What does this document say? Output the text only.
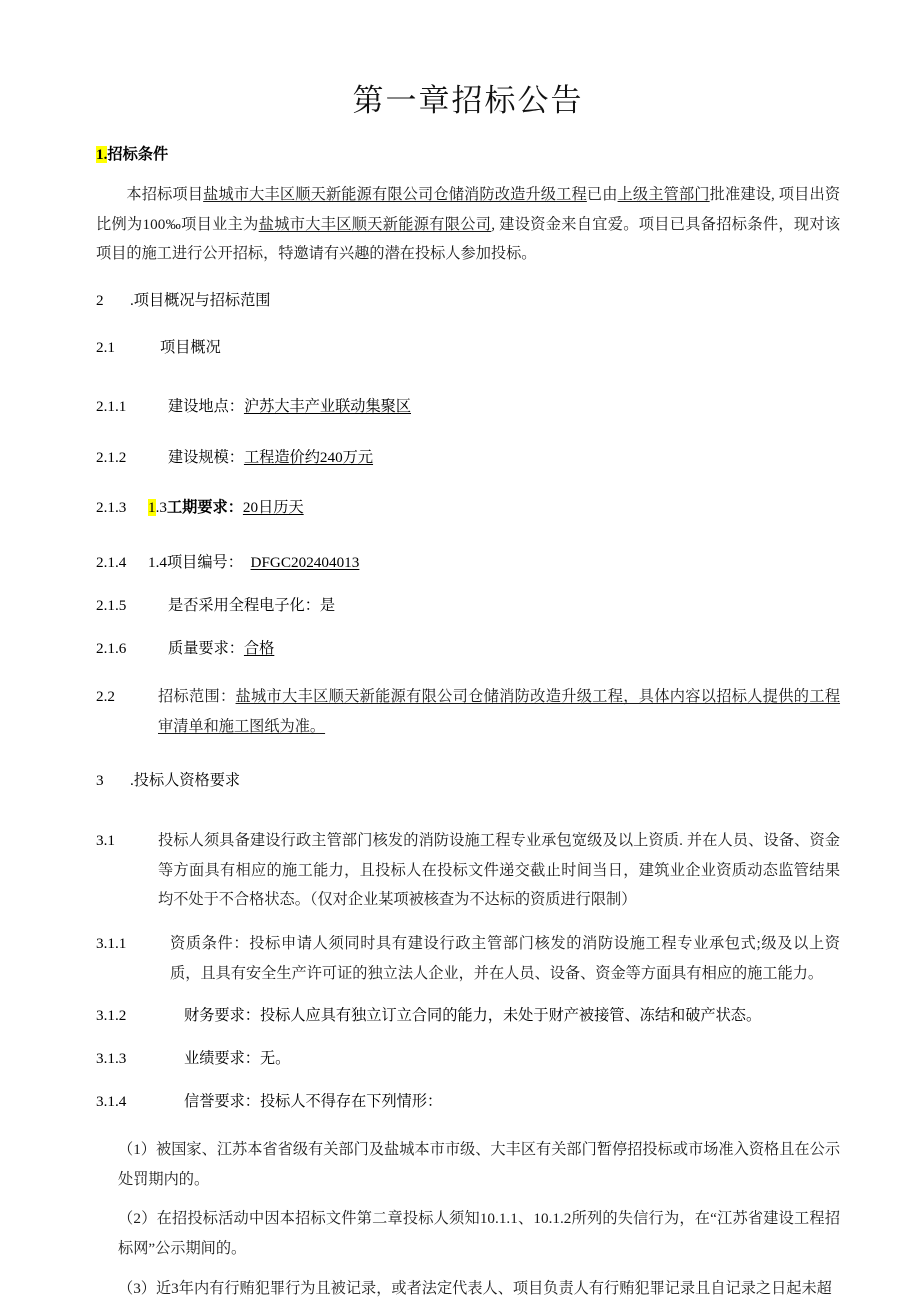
第一章招标公告
1.招标条件

本招标项目盐城市大丰区顺天新能源有限公司仓储消防改造升级工程已由上级主管部门批准建设, 项目出资比例为100‰项目业主为盐城市大丰区顺天新能源有限公司, 建设资金来自宜爱。项目已具备招标条件，现对该项目的施工进行公开招标，特邀请有兴趣的潜在投标人参加投标。

2	.项目概况与招标范围
2.1	项目概况
2.1.1	建设地点：沪苏大丰产业联动集聚区
2.1.2	建设规模：工程造价约240万元
2.1.3	1.3工期要求：20日历天
2.1.4	1.4项目编号： DFGC202404013
2.1.5	是否采用全程电子化：是
2.1.6	质量要求：合格
2.2	招标范围：盐城市大丰区顺天新能源有限公司仓储消防改造升级工程，具体内容以招标人提供的工程审清单和施工图纸为准。
3	.投标人资格要求
3.1	投标人须具备建设行政主管部门核发的消防设施工程专业承包宽级及以上资质. 并在人员、设备、资金等方面具有相应的施工能力，且投标人在投标文件递交截止时间当日，建筑业企业资质动态监管结果均不处于不合格状态。（仅对企业某项被核查为不达标的资质进行限制）
3.1.1	资质条件：投标申请人须同时具有建设行政主管部门核发的消防设施工程专业承包式;级及以上资质，且具有安全生产许可证的独立法人企业，并在人员、设备、资金等方面具有相应的施工能力。
3.1.2	财务要求：投标人应具有独立订立合同的能力，未处于财产被接管、冻结和破产状态。
3.1.3	业绩要求：无。
3.1.4	信誉要求：投标人不得存在下列情形：
（1）被国家、江苏本省省级有关部门及盐城本市市级、大丰区有关部门暂停招投标或市场准入资格且在公示处罚期内的。
（2）在招投标活动中因本招标文件第二章投标人须知10.1.1、10.1.2所列的失信行为，在“江苏省建设工程招标网”公示期间的。
（3）近3年内有行贿犯罪行为且被记录，或者法定代表人、项目负责人有行贿犯罪记录且自记录之日起未超
